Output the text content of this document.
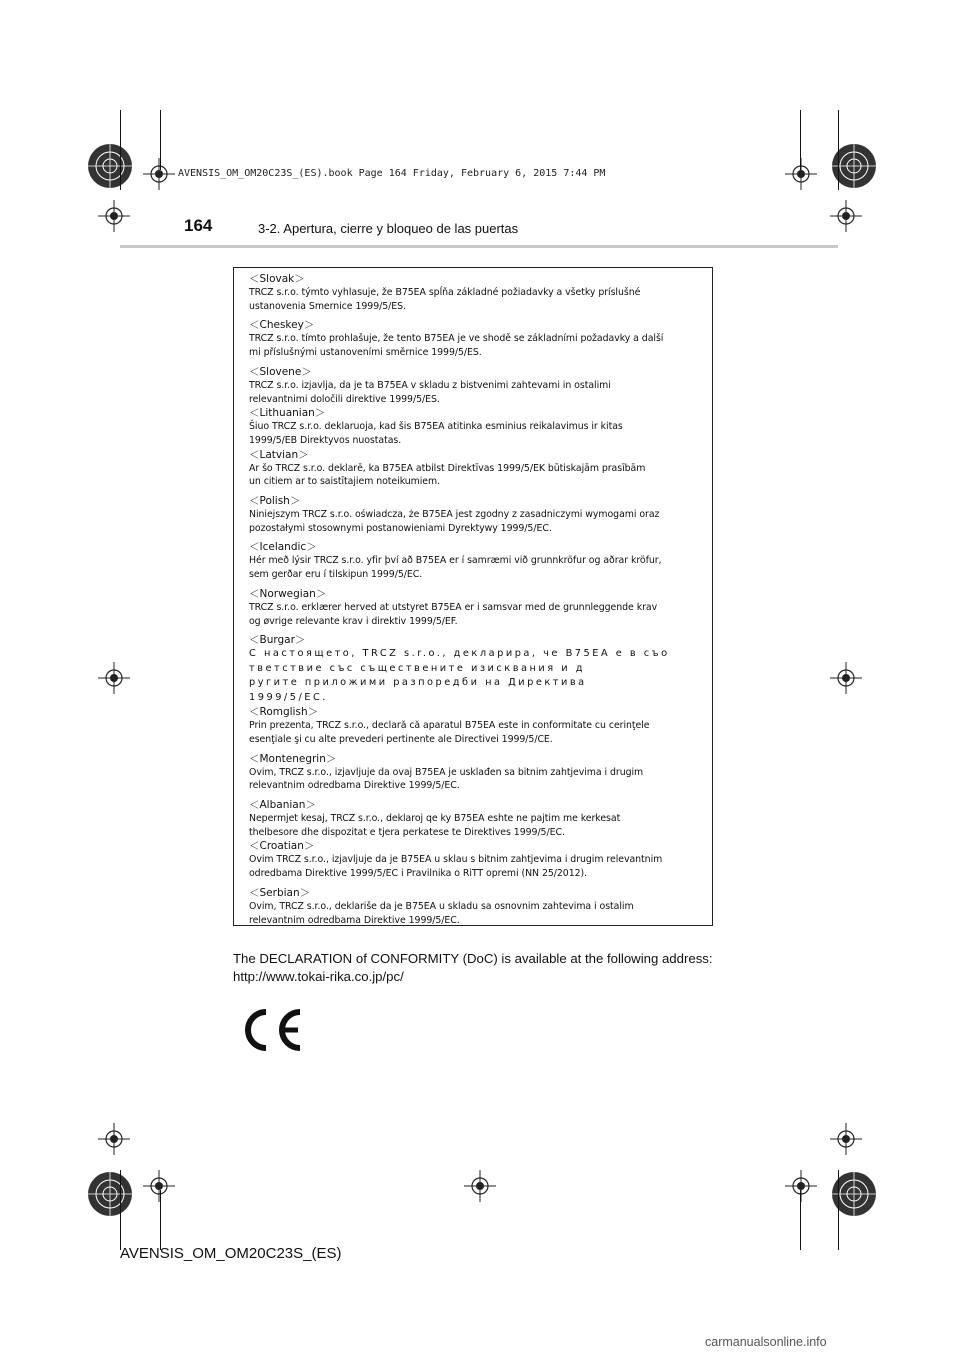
AVENSIS_OM_OM20C23S_(ES).book Page 164 Friday, February 6, 2015 7:44 PM
164	3-2. Apertura, cierre y bloqueo de las puertas
＜Slovak＞
TRCZ s.r.o. týmto vyhlasuje, že B75EA spĺňa základné požiadavky a všetky príslušné
ustanovenia Smernice 1999/5/ES.
＜Cheskey＞
TRCZ s.r.o. tímto prohlašuje, že tento B75EA je ve shodě se základními požadavky a další
mi příslušnými ustanoveními směrnice 1999/5/ES.
＜Slovene＞
TRCZ s.r.o. izjavlja, da je ta B75EA v skladu z bistvenimi zahtevami in ostalimi
relevantnimi določili direktive 1999/5/ES.
＜Lithuanian＞
Šiuo TRCZ s.r.o. deklaruoja, kad šis B75EA atitinka esminius reikalavimus ir kitas
1999/5/EB Direktyvos nuostatas.
＜Latvian＞
Ar šo TRCZ s.r.o. deklarē, ka B75EA atbilst Direktīvas 1999/5/EK būtiskajām prasībām
un citiem ar to saistītajiem noteikumiem.
＜Polish＞
Niniejszym TRCZ s.r.o. oświadcza, że B75EA jest zgodny z zasadniczymi wymogami oraz
pozostałymi stosownymi postanowieniami Dyrektywy 1999/5/EC.
＜Icelandic＞
Hér með lýsir TRCZ s.r.o. yfir því að B75EA er í samræmi við grunnkröfur og aðrar kröfur,
sem gerðar eru í tilskipun 1999/5/EC.
＜Norwegian＞
TRCZ s.r.o. erklærer herved at utstyret B75EA er i samsvar med de grunnleggende krav
og øvrige relevante krav i direktiv 1999/5/EF.
＜Burgar＞
С настоящето, TRCZ s.r.o., декларира, че B75EA е в съо
тветствие със съществените изисквания и д
ругите приложими разпоредби на Директива
1999/5/ЕС.
＜Romglish＞
Prin prezenta, TRCZ s.r.o., declară că aparatul B75EA este in conformitate cu cerinţele
esenţiale şi cu alte prevederi pertinente ale Directivei 1999/5/CE.
＜Montenegrin＞
Ovim, TRCZ s.r.o., izjavljuje da ovaj B75EA je usklađen sa bitnim zahtjevima i drugim
relevantnim odredbama Direktive 1999/5/EC.
＜Albanian＞
Nepermjet kesaj, TRCZ s.r.o., deklaroj qe ky B75EA eshte ne pajtim me kerkesat
thelbesore dhe dispozitat e tjera perkatese te Direktives 1999/5/EC.
＜Croatian＞
Ovim TRCZ s.r.o., izjavljuje da je B75EA u sklau s bitnim zahtjevima i drugim relevantnim
odredbama Direktive 1999/5/EC i Pravilnika o RiTT opremi (NN 25/2012).
＜Serbian＞
Ovim, TRCZ s.r.o., deklariše da je B75EA u skladu sa osnovnim zahtevima i ostalim
relevantnim odredbama Direktive 1999/5/EC.
The DECLARATION of CONFORMITY (DoC) is available at the following address:
http://www.tokai-rika.co.jp/pc/
AVENSIS_OM_OM20C23S_(ES)
carmanualsonline.info
